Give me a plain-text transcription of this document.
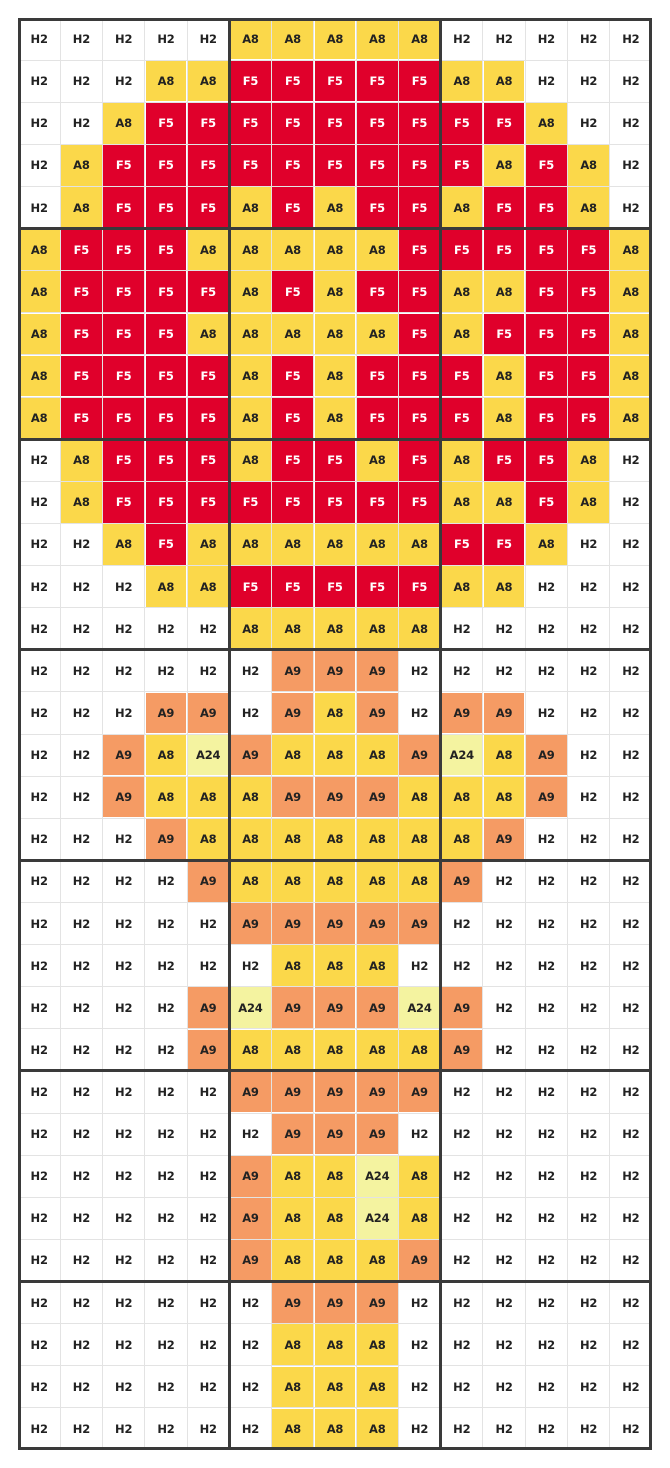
H2	H2	H2	H2	H2	A8	A8	A8	A8	A8	H2	H2	H2	H2	H2
H2	H2	H2	A8	A8	F5	F5	F5	F5	F5	A8	A8	H2	H2	H2
H2	H2	A8	F5	F5	F5	F5	F5	F5	F5	F5	F5	A8	H2	H2
H2	A8	F5	F5	F5	F5	F5	F5	F5	F5	F5	A8	F5	A8	H2
H2	A8	F5	F5	F5	A8	F5	A8	F5	F5	A8	F5	F5	A8	H2
A8	F5	F5	F5	A8	A8	A8	A8	A8	F5	F5	F5	F5	F5	A8
A8	F5	F5	F5	F5	A8	F5	A8	F5	F5	A8	A8	F5	F5	A8
A8	F5	F5	F5	A8	A8	A8	A8	A8	F5	A8	F5	F5	F5	A8
A8	F5	F5	F5	F5	A8	F5	A8	F5	F5	F5	A8	F5	F5	A8
A8	F5	F5	F5	F5	A8	F5	A8	F5	F5	F5	A8	F5	F5	A8
H2	A8	F5	F5	F5	A8	F5	F5	A8	F5	A8	F5	F5	A8	H2
H2	A8	F5	F5	F5	F5	F5	F5	F5	F5	A8	A8	F5	A8	H2
H2	H2	A8	F5	A8	A8	A8	A8	A8	A8	F5	F5	A8	H2	H2
H2	H2	H2	A8	A8	F5	F5	F5	F5	F5	A8	A8	H2	H2	H2
H2	H2	H2	H2	H2	A8	A8	A8	A8	A8	H2	H2	H2	H2	H2
H2	H2	H2	H2	H2	H2	A9	A9	A9	H2	H2	H2	H2	H2	H2
H2	H2	H2	A9	A9	H2	A9	A8	A9	H2	A9	A9	H2	H2	H2
H2	H2	A9	A8	A24	A9	A8	A8	A8	A9	A24	A8	A9	H2	H2
H2	H2	A9	A8	A8	A8	A9	A9	A9	A8	A8	A8	A9	H2	H2
H2	H2	H2	A9	A8	A8	A8	A8	A8	A8	A8	A9	H2	H2	H2
H2	H2	H2	H2	A9	A8	A8	A8	A8	A8	A9	H2	H2	H2	H2
H2	H2	H2	H2	H2	A9	A9	A9	A9	A9	H2	H2	H2	H2	H2
H2	H2	H2	H2	H2	H2	A8	A8	A8	H2	H2	H2	H2	H2	H2
H2	H2	H2	H2	A9	A24	A9	A9	A9	A24	A9	H2	H2	H2	H2
H2	H2	H2	H2	A9	A8	A8	A8	A8	A8	A9	H2	H2	H2	H2
H2	H2	H2	H2	H2	A9	A9	A9	A9	A9	H2	H2	H2	H2	H2
H2	H2	H2	H2	H2	H2	A9	A9	A9	H2	H2	H2	H2	H2	H2
H2	H2	H2	H2	H2	A9	A8	A8	A24	A8	H2	H2	H2	H2	H2
H2	H2	H2	H2	H2	A9	A8	A8	A24	A8	H2	H2	H2	H2	H2
H2	H2	H2	H2	H2	A9	A8	A8	A8	A9	H2	H2	H2	H2	H2
H2	H2	H2	H2	H2	H2	A9	A9	A9	H2	H2	H2	H2	H2	H2
H2	H2	H2	H2	H2	H2	A8	A8	A8	H2	H2	H2	H2	H2	H2
H2	H2	H2	H2	H2	H2	A8	A8	A8	H2	H2	H2	H2	H2	H2
H2	H2	H2	H2	H2	H2	A8	A8	A8	H2	H2	H2	H2	H2	H2
